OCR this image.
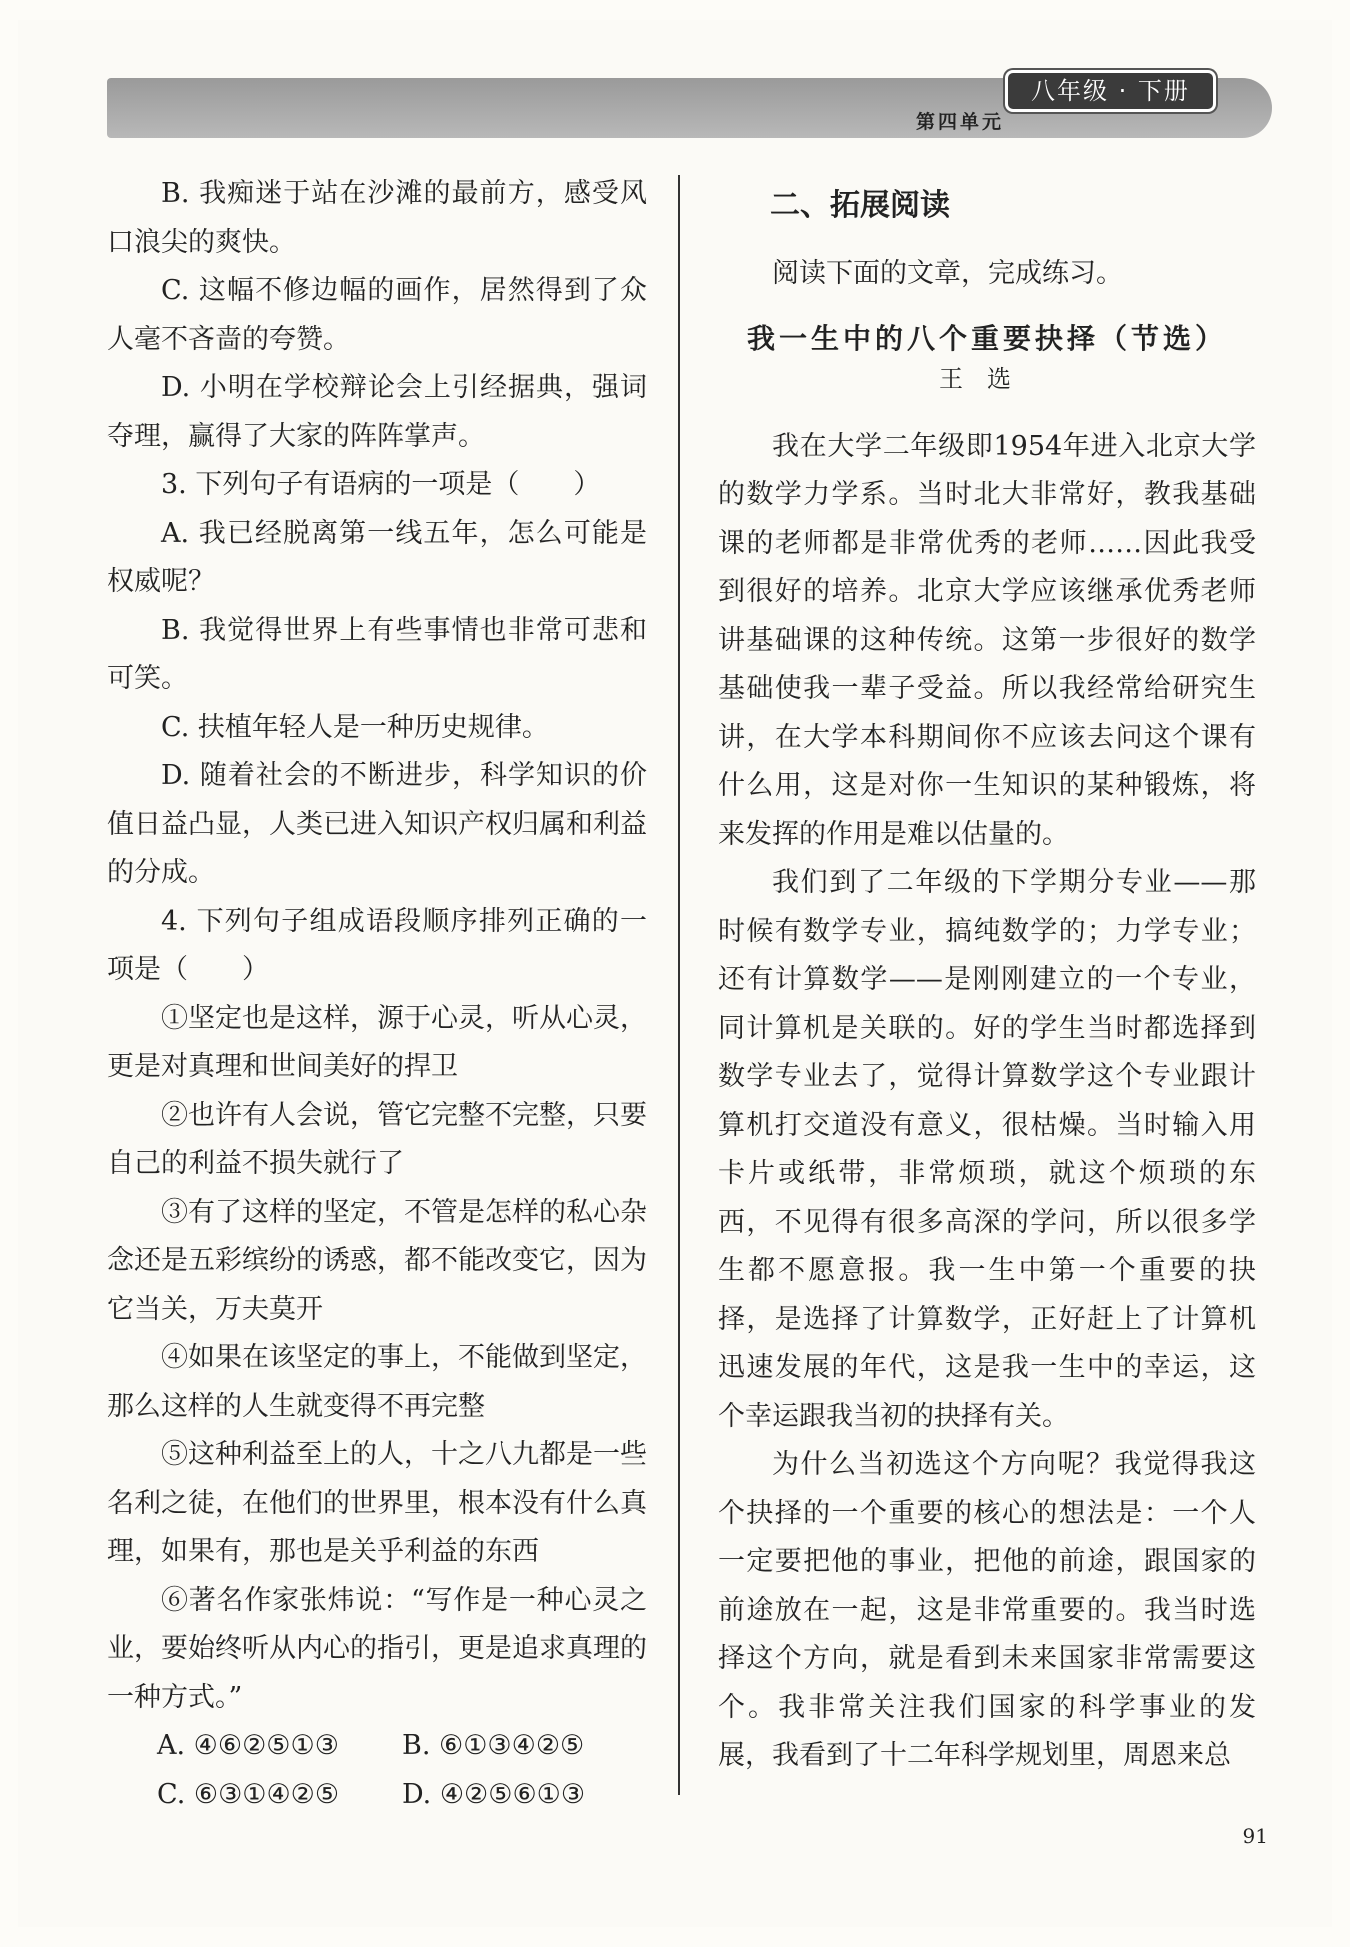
八年级 · 下册
第四单元

B. 我痴迷于站在沙滩的最前方，感受风口浪尖的爽快。

C. 这幅不修边幅的画作，居然得到了众人毫不吝啬的夸赞。

D. 小明在学校辩论会上引经据典，强词夺理，赢得了大家的阵阵掌声。

3. 下列句子有语病的一项是（　　）

A. 我已经脱离第一线五年，怎么可能是权威呢？

B. 我觉得世界上有些事情也非常可悲和可笑。

C. 扶植年轻人是一种历史规律。

D. 随着社会的不断进步，科学知识的价值日益凸显，人类已进入知识产权归属和利益的分成。

4. 下列句子组成语段顺序排列正确的一项是（　　）

①坚定也是这样，源于心灵，听从心灵，更是对真理和世间美好的捍卫

②也许有人会说，管它完整不完整，只要自己的利益不损失就行了

③有了这样的坚定，不管是怎样的私心杂念还是五彩缤纷的诱惑，都不能改变它，因为它当关，万夫莫开

④如果在该坚定的事上，不能做到坚定，那么这样的人生就变得不再完整

⑤这种利益至上的人，十之八九都是一些名利之徒，在他们的世界里，根本没有什么真理，如果有，那也是关乎利益的东西

⑥著名作家张炜说：“写作是一种心灵之业，要始终听从内心的指引，更是追求真理的一种方式。”

A. ④⑥②⑤①③	B. ⑥①③④②⑤
C. ⑥③①④②⑤	D. ④②⑤⑥①③
二、拓展阅读

阅读下面的文章，完成练习。

我一生中的八个重要抉择（节选）
王选

我在大学二年级即1954年进入北京大学的数学力学系。当时北大非常好，教我基础课的老师都是非常优秀的老师……因此我受到很好的培养。北京大学应该继承优秀老师讲基础课的这种传统。这第一步很好的数学基础使我一辈子受益。所以我经常给研究生讲，在大学本科期间你不应该去问这个课有什么用，这是对你一生知识的某种锻炼，将来发挥的作用是难以估量的。

我们到了二年级的下学期分专业——那时候有数学专业，搞纯数学的；力学专业；还有计算数学——是刚刚建立的一个专业，同计算机是关联的。好的学生当时都选择到数学专业去了，觉得计算数学这个专业跟计算机打交道没有意义，很枯燥。当时输入用卡片或纸带，非常烦琐，就这个烦琐的东西，不见得有很多高深的学问，所以很多学生都不愿意报。我一生中第一个重要的抉择，是选择了计算数学，正好赶上了计算机迅速发展的年代，这是我一生中的幸运，这个幸运跟我当初的抉择有关。

为什么当初选这个方向呢？我觉得我这个抉择的一个重要的核心的想法是：一个人一定要把他的事业，把他的前途，跟国家的前途放在一起，这是非常重要的。我当时选择这个方向，就是看到未来国家非常需要这个。我非常关注我们国家的科学事业的发展，我看到了十二年科学规划里，周恩来总

91
